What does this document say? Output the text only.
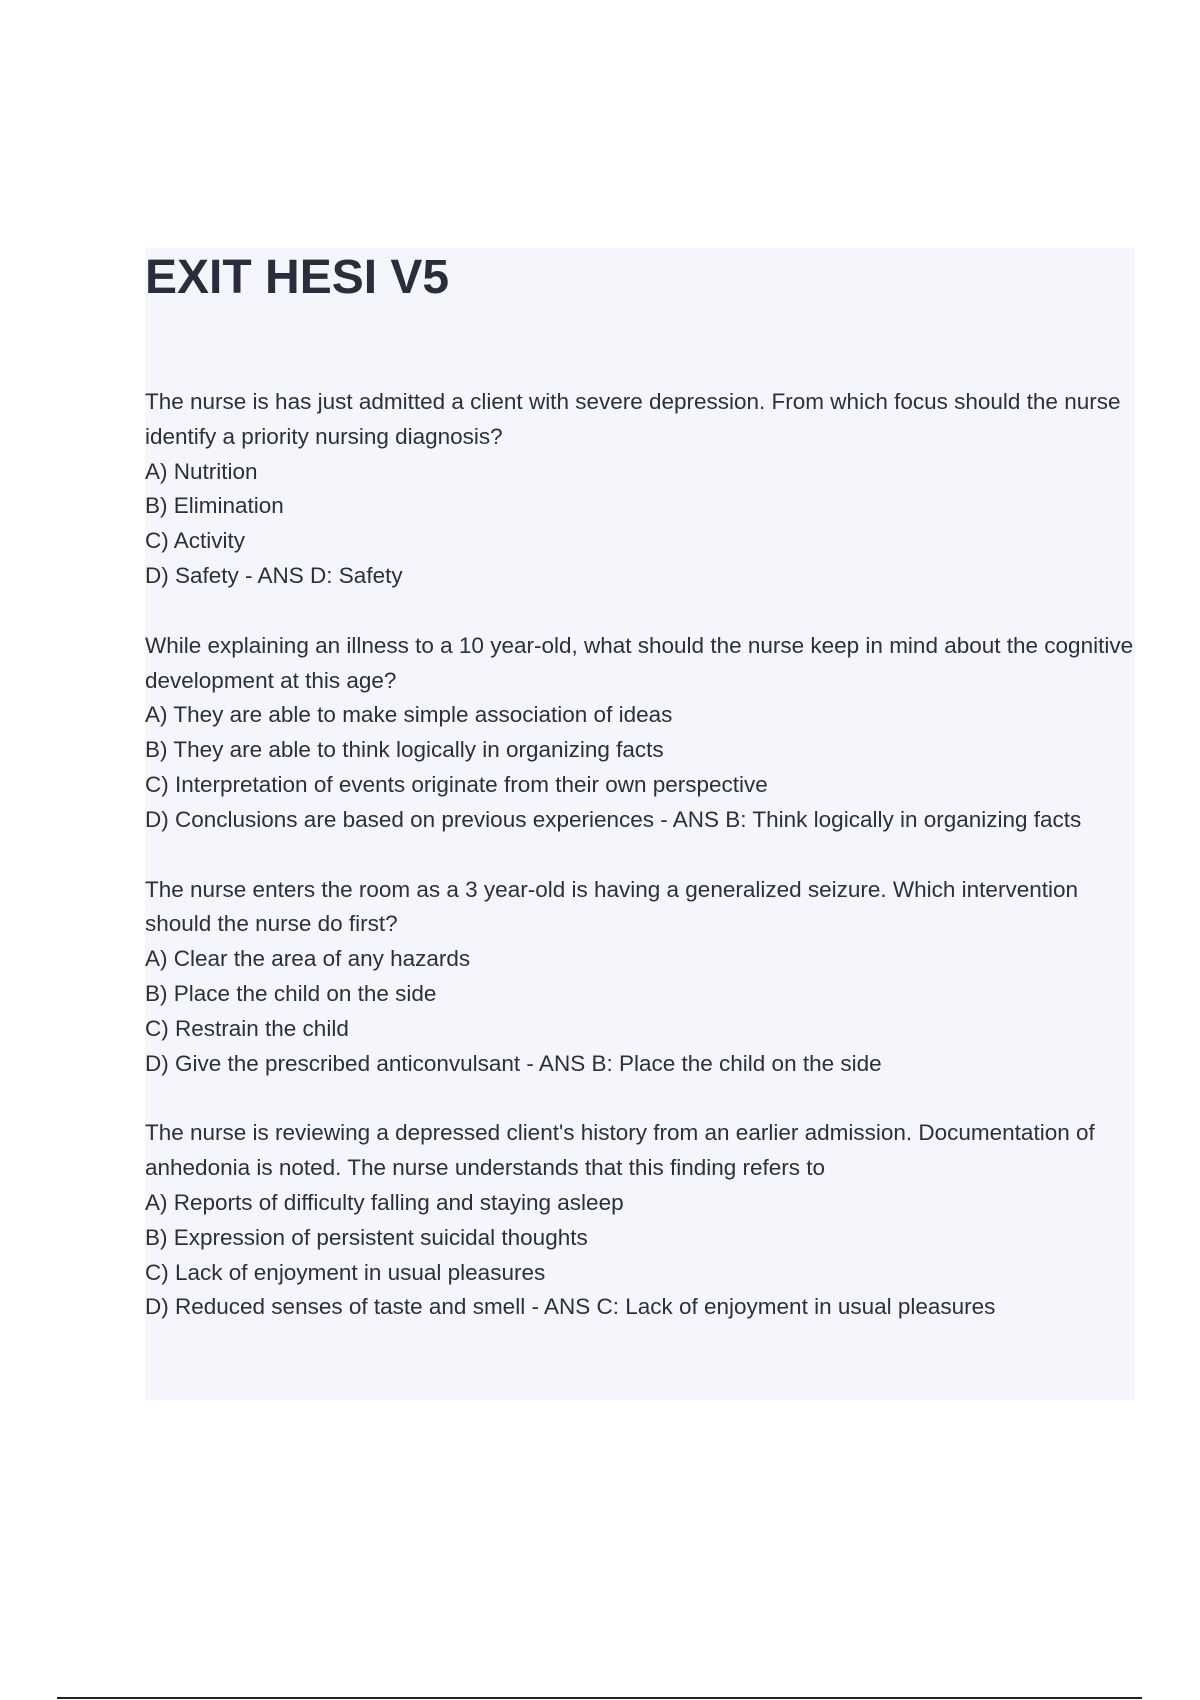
EXIT HESI V5
The nurse is has just admitted a client with severe depression. From which focus should the nurse identify a priority nursing diagnosis?
A) Nutrition
B) Elimination
C) Activity
D) Safety - ANS D: Safety
While explaining an illness to a 10 year-old, what should the nurse keep in mind about the cognitive development at this age?
A) They are able to make simple association of ideas
B) They are able to think logically in organizing facts
C) Interpretation of events originate from their own perspective
D) Conclusions are based on previous experiences - ANS B: Think logically in organizing facts
The nurse enters the room as a 3 year-old is having a generalized seizure. Which intervention should the nurse do first?
A) Clear the area of any hazards
B) Place the child on the side
C) Restrain the child
D) Give the prescribed anticonvulsant - ANS B: Place the child on the side
The nurse is reviewing a depressed client's history from an earlier admission. Documentation of anhedonia is noted. The nurse understands that this finding refers to
A) Reports of difficulty falling and staying asleep
B) Expression of persistent suicidal thoughts
C) Lack of enjoyment in usual pleasures
D) Reduced senses of taste and smell - ANS C: Lack of enjoyment in usual pleasures
